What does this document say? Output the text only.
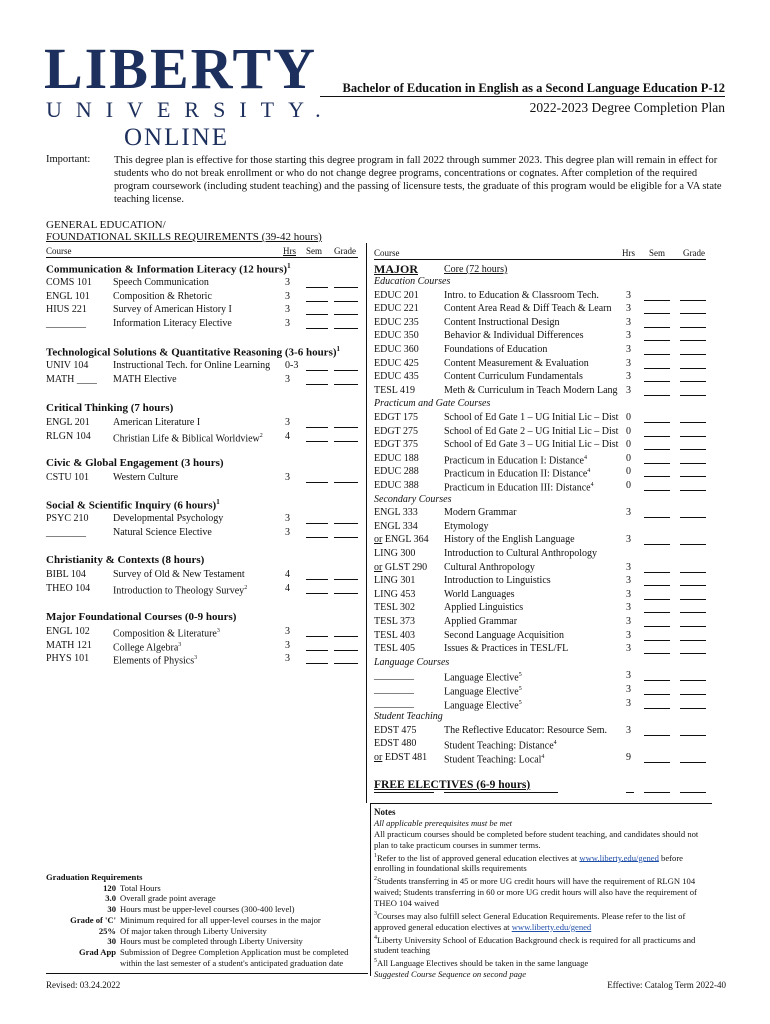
LIBERTY
UNIVERSITY.
ONLINE
Bachelor of Education in English as a Second Language Education P-12
2022-2023 Degree Completion Plan
Important: This degree plan is effective for those starting this degree program in fall 2022 through summer 2023. This degree plan will remain in effect for students who do not break enrollment or who do not change degree programs, concentrations or cognates. After completion of the required program coursework (including student teaching) and the passing of licensure tests, the graduate of this program would be eligible for a VA state teaching license.
GENERAL EDUCATION/
FOUNDATIONAL SKILLS REQUIREMENTS (39-42 hours)
Course	Hrs Sem Grade
Communication & Information Literacy (12 hours)$^1$
COMS 101 Speech Communication	3
ENGL 101 Composition & Rhetoric	3
HIUS 221	Survey of American History I	3
________	Information Literacy Elective	3
Technological Solutions & Quantitative Reasoning (3-6 hours)$^1$
UNIV 104 Instructional Tech. for Online Learning 0-3
MATH ____ MATH Elective	3
Critical Thinking (7 hours)
ENGL 201 American Literature I	3
RLGN 104 Christian Life & Biblical Worldview$^2$ 4
Civic & Global Engagement (3 hours)
CSTU 101 Western Culture	3
Social & Scientific Inquiry (6 hours)$^1$
PSYC 210 Developmental Psychology	3
________	Natural Science Elective	3
Christianity & Contexts (8 hours)
BIBL 104	Survey of Old & New Testament	4
THEO 104 Introduction to Theology Survey$^2$	4
Major Foundational Courses (0-9 hours)
ENGL 102 Composition & Literature$^3$	3
MATH 121 College Algebra$^3$	3
PHYS 101 Elements of Physics$^3$	3
Course	Hrs Sem Grade
MAJOR	Core (72 hours)
Education Courses
EDUC 201	Intro. to Education & Classroom Tech.	3
EDUC 221	Content Area Read & Diff Teach & Learn 3
EDUC 235	Content Instructional Design	3
EDUC 350	Behavior & Individual Differences	3
EDUC 360	Foundations of Education	3
EDUC 425	Content Measurement & Evaluation	3
EDUC 435	Content Curriculum Fundamentals	3
TESL 419	Meth & Curriculum in Teach Modern Lang 3
Practicum and Gate Courses
EDGT 175	School of Ed Gate 1 – UG Initial Lic – Dist 0
EDGT 275	School of Ed Gate 2 – UG Initial Lic – Dist 0
EDGT 375	School of Ed Gate 3 – UG Initial Lic – Dist 0
EDUC 188	Practicum in Education I: Distance$^4$	0
EDUC 288	Practicum in Education II: Distance$^4$	0
EDUC 388	Practicum in Education III: Distance$^4$	0
Secondary Courses
ENGL 333	Modern Grammar	3
ENGL 334	Etymology
or ENGL 364 History of the English Language	3
LING 300	Introduction to Cultural Anthropology
or GLST 290 Cultural Anthropology	3
LING 301	Introduction to Linguistics	3
LING 453	World Languages	3
TESL 302	Applied Linguistics	3
TESL 373	Applied Grammar	3
TESL 403	Second Language Acquisition	3
TESL 405	Issues & Practices in TESL/FL	3
Language Courses
________	Language Elective$^5$	3
________	Language Elective$^5$	3
________	Language Elective$^5$	3
Student Teaching
EDST 475	The Reflective Educator: Resource Sem. 3
EDST 480	Student Teaching: Distance$^4$
or EDST 481 Student Teaching: Local$^4$	9
FREE ELECTIVES (6-9 hours)
Notes
All applicable prerequisites must be met
All practicum courses should be completed before student teaching, and candidates should not plan to take practicum courses in summer terms.
$^1$Refer to the list of approved general education electives at www.liberty.edu/gened before enrolling in foundational skills requirements
$^2$Students transferring in 45 or more UG credit hours will have the requirement of RLGN 104 waived; Students transferring in 60 or more UG credit hours will also have the requirement of THEO 104 waived
$^3$Courses may also fulfill select General Education Requirements. Please refer to the list of approved general education electives at www.liberty.edu/gened
$^4$Liberty University School of Education Background check is required for all practicums and student teaching
$^5$All Language Electives should be taken in the same language
Suggested Course Sequence on second page
Graduation Requirements
120 Total Hours
3.0 Overall grade point average
30 Hours must be upper-level courses (300-400 level)
Grade of 'C' Minimum required for all upper-level courses in the major
25% Of major taken through Liberty University
30 Hours must be completed through Liberty University
Grad App Submission of Degree Completion Application must be completed within the last semester of a student's anticipated graduation date
Revised: 03.24.2022	Effective: Catalog Term 2022-40
